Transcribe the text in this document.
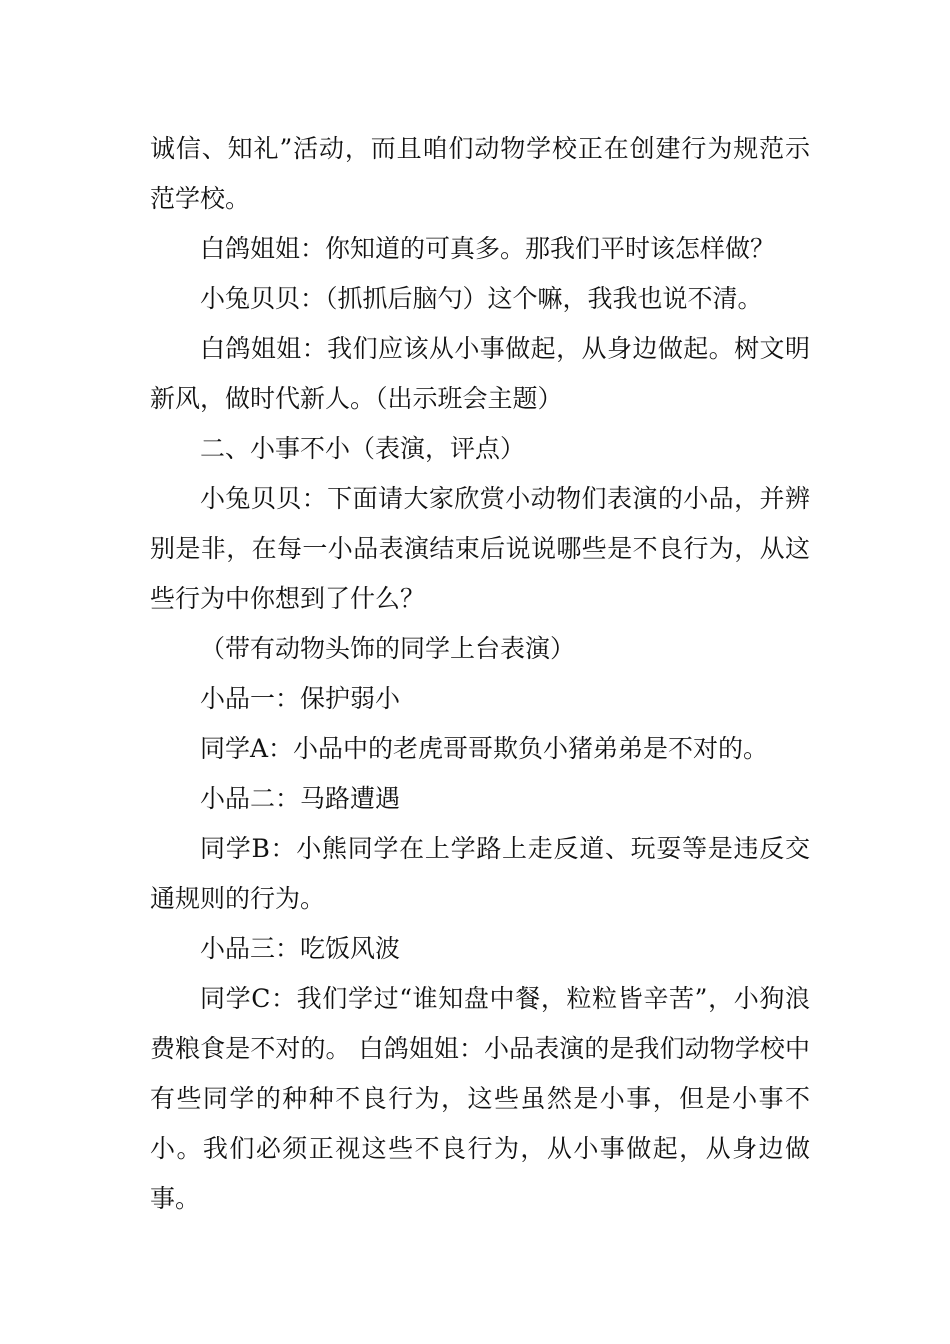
诚信、知礼”活动，而且咱们动物学校正在创建行为规范示范学校。

白鸽姐姐：你知道的可真多。那我们平时该怎样做？

小兔贝贝：（抓抓后脑勺）这个嘛，我我也说不清。

白鸽姐姐：我们应该从小事做起，从身边做起。树文明新风，做时代新人。（出示班会主题）

二、小事不小（表演，评点）

小兔贝贝：下面请大家欣赏小动物们表演的小品，并辨别是非，在每一小品表演结束后说说哪些是不良行为，从这些行为中你想到了什么？

（带有动物头饰的同学上台表演）

小品一：保护弱小

同学A：小品中的老虎哥哥欺负小猪弟弟是不对的。

小品二：马路遭遇

同学B：小熊同学在上学路上走反道、玩耍等是违反交通规则的行为。

小品三：吃饭风波

同学C：我们学过“谁知盘中餐，粒粒皆辛苦”，小狗浪费粮食是不对的。 白鸽姐姐：小品表演的是我们动物学校中有些同学的种种不良行为，这些虽然是小事，但是小事不小。我们必须正视这些不良行为，从小事做起，从身边做事。
